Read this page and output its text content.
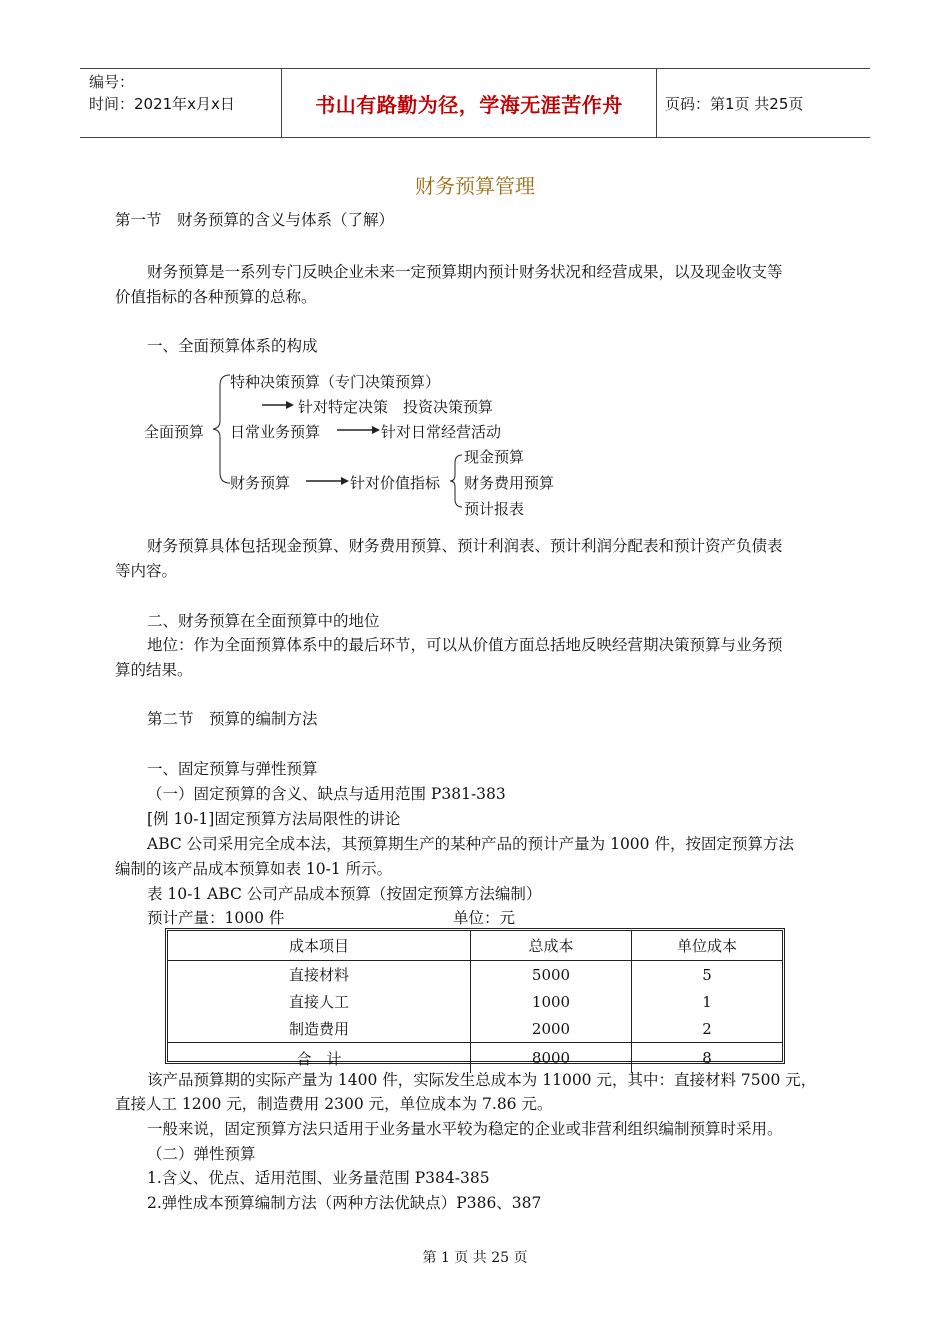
编号：
时间：2021年x月x日	书山有路勤为径，学海无涯苦作舟	页码：第1页 共25页
财务预算管理
第一节　财务预算的含义与体系（了解）
财务预算是一系列专门反映企业未来一定预算期内预计财务状况和经营成果，以及现金收支等
价值指标的各种预算的总称。
一、全面预算体系的构成
全面预算
特种决策预算（专门决策预算）
针对特定决策　投资决策预算
日常业务预算	针对日常经营活动
财务预算	针对价值指标
现金预算
财务费用预算
预计报表
财务预算具体包括现金预算、财务费用预算、预计利润表、预计利润分配表和预计资产负债表
等内容。
二、财务预算在全面预算中的地位
地位：作为全面预算体系中的最后环节，可以从价值方面总括地反映经营期决策预算与业务预
算的结果。
第二节　预算的编制方法
一、固定预算与弹性预算
（一）固定预算的含义、缺点与适用范围 P381-383
[例 10-1]固定预算方法局限性的讲论
ABC 公司采用完全成本法，其预算期生产的某种产品的预计产量为 1000 件，按固定预算方法
编制的该产品成本预算如表 10-1 所示。
表 10-1 ABC 公司产品成本预算（按固定预算方法编制）
预计产量：1000 件	单位：元
成本项目	总成本	单位成本
直接材料	5000	5
直接人工	1000	1
制造费用	2000	2
合　计	8000	8
该产品预算期的实际产量为 1400 件，实际发生总成本为 11000 元，其中：直接材料 7500 元，
直接人工 1200 元，制造费用 2300 元，单位成本为 7.86 元。
一般来说，固定预算方法只适用于业务量水平较为稳定的企业或非营利组织编制预算时采用。
（二）弹性预算
1.含义、优点、适用范围、业务量范围 P384-385
2.弹性成本预算编制方法（两种方法优缺点）P386、387
第 1 页 共 25 页
